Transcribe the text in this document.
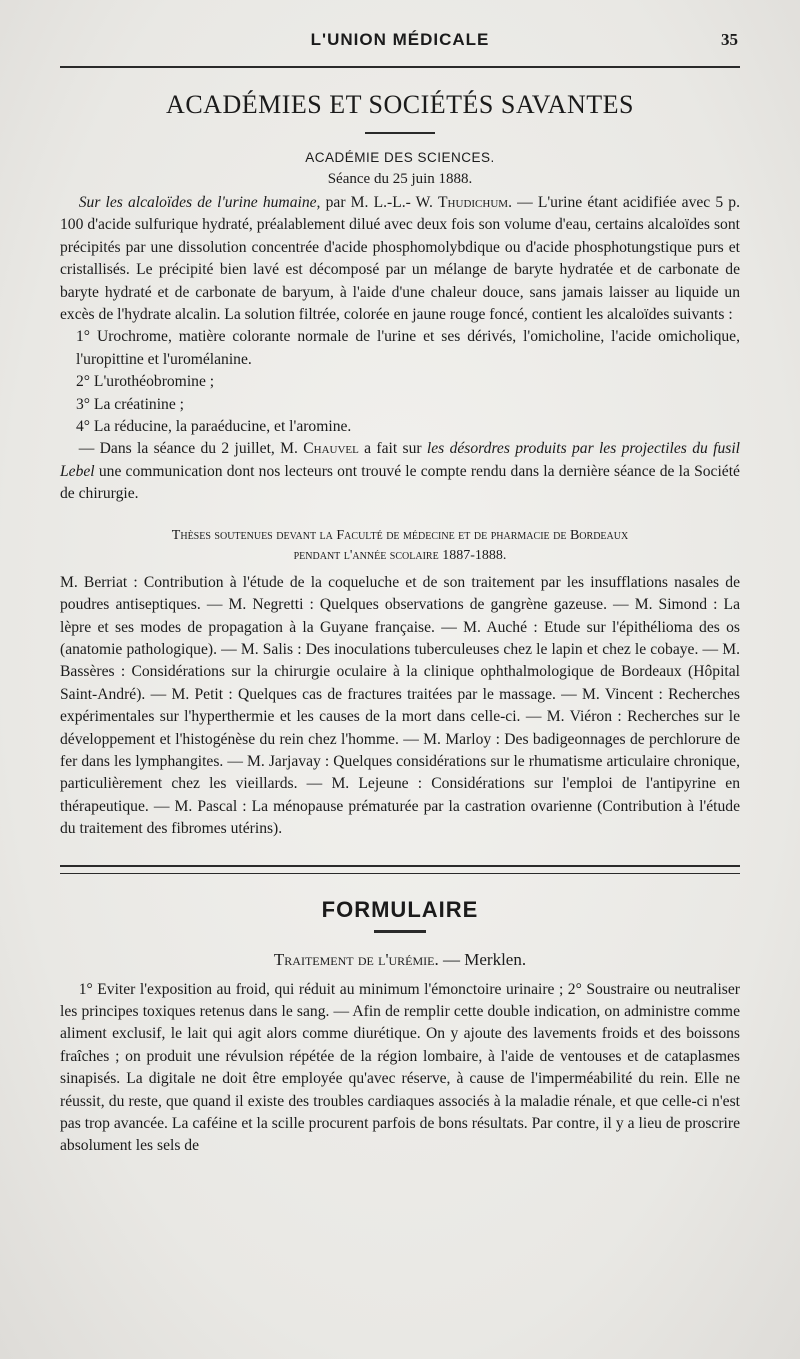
L'UNION MÉDICALE	35
ACADÉMIES ET SOCIÉTÉS SAVANTES
ACADÉMIE DES SCIENCES.
Séance du 25 juin 1888.

Sur les alcaloïdes de l'urine humaine, par M. L.-L.- W. Thudichum. — L'urine étant acidifiée avec 5 p. 100 d'acide sulfurique hydraté, préalablement dilué avec deux fois son volume d'eau, certains alcaloïdes sont précipités par une dissolution concentrée d'acide phosphomolybdique ou d'acide phosphotungstique purs et cristallisés. Le précipité bien lavé est décomposé par un mélange de baryte hydratée et de carbonate de baryte hydraté et de carbonate de baryum, à l'aide d'une chaleur douce, sans jamais laisser au liquide un excès de l'hydrate alcalin. La solution filtrée, colorée en jaune rouge foncé, contient les alcaloïdes suivants :

1° Urochrome, matière colorante normale de l'urine et ses dérivés, l'omicholine, l'acide omicholique, l'uropittine et l'uromélanine.

2° L'urothéobromine ;

3° La créatinine ;

4° La réducine, la paraéducine, et l'aromine.

— Dans la séance du 2 juillet, M. Chauvel a fait sur les désordres produits par les projectiles du fusil Lebel une communication dont nos lecteurs ont trouvé le compte rendu dans la dernière séance de la Société de chirurgie.

Thèses soutenues devant la Faculté de médecine et de pharmacie de Bordeaux
pendant l'année scolaire 1887-1888.

M. Berriat : Contribution à l'étude de la coqueluche et de son traitement par les insufflations nasales de poudres antiseptiques. — M. Negretti : Quelques observations de gangrène gazeuse. — M. Simond : La lèpre et ses modes de propagation à la Guyane française. — M. Auché : Etude sur l'épithélioma des os (anatomie pathologique). — M. Salis : Des inoculations tuberculeuses chez le lapin et chez le cobaye. — M. Bassères : Considérations sur la chirurgie oculaire à la clinique ophthalmologique de Bordeaux (Hôpital Saint-André). — M. Petit : Quelques cas de fractures traitées par le massage. — M. Vincent : Recherches expérimentales sur l'hyperthermie et les causes de la mort dans celle-ci. — M. Viéron : Recherches sur le développement et l'histogénèse du rein chez l'homme. — M. Marloy : Des badigeonnages de perchlorure de fer dans les lymphangites. — M. Jarjavay : Quelques considérations sur le rhumatisme articulaire chronique, particulièrement chez les vieillards. — M. Lejeune : Considérations sur l'emploi de l'antipyrine en thérapeutique. — M. Pascal : La ménopause prématurée par la castration ovarienne (Contribution à l'étude du traitement des fibromes utérins).

FORMULAIRE
Traitement de l'urémie. — Merklen.

1° Eviter l'exposition au froid, qui réduit au minimum l'émonctoire urinaire ; 2° Soustraire ou neutraliser les principes toxiques retenus dans le sang. — Afin de remplir cette double indication, on administre comme aliment exclusif, le lait qui agit alors comme diurétique. On y ajoute des lavements froids et des boissons fraîches ; on produit une révulsion répétée de la région lombaire, à l'aide de ventouses et de cataplasmes sinapisés. La digitale ne doit être employée qu'avec réserve, à cause de l'imperméabilité du rein. Elle ne réussit, du reste, que quand il existe des troubles cardiaques associés à la maladie rénale, et que celle-ci n'est pas trop avancée. La caféine et la scille procurent parfois de bons résultats. Par contre, il y a lieu de proscrire absolument les sels de
